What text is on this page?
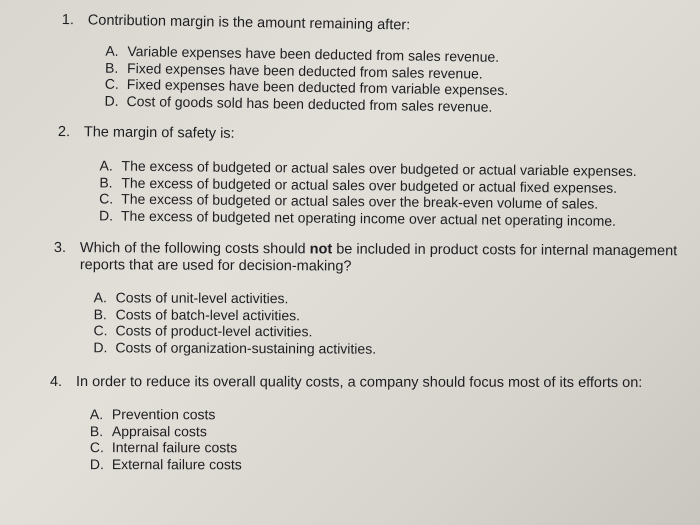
1. Contribution margin is the amount remaining after:
A. Variable expenses have been deducted from sales revenue.
B. Fixed expenses have been deducted from sales revenue.
C. Fixed expenses have been deducted from variable expenses.
D. Cost of goods sold has been deducted from sales revenue.
2. The margin of safety is:
A. The excess of budgeted or actual sales over budgeted or actual variable expenses.
B. The excess of budgeted or actual sales over budgeted or actual fixed expenses.
C. The excess of budgeted or actual sales over the break-even volume of sales.
D. The excess of budgeted net operating income over actual net operating income.
3. Which of the following costs should not be included in product costs for internal management reports that are used for decision-making?
A. Costs of unit-level activities.
B. Costs of batch-level activities.
C. Costs of product-level activities.
D. Costs of organization-sustaining activities.
4. In order to reduce its overall quality costs, a company should focus most of its efforts on:
A. Prevention costs
B. Appraisal costs
C. Internal failure costs
D. External failure costs
